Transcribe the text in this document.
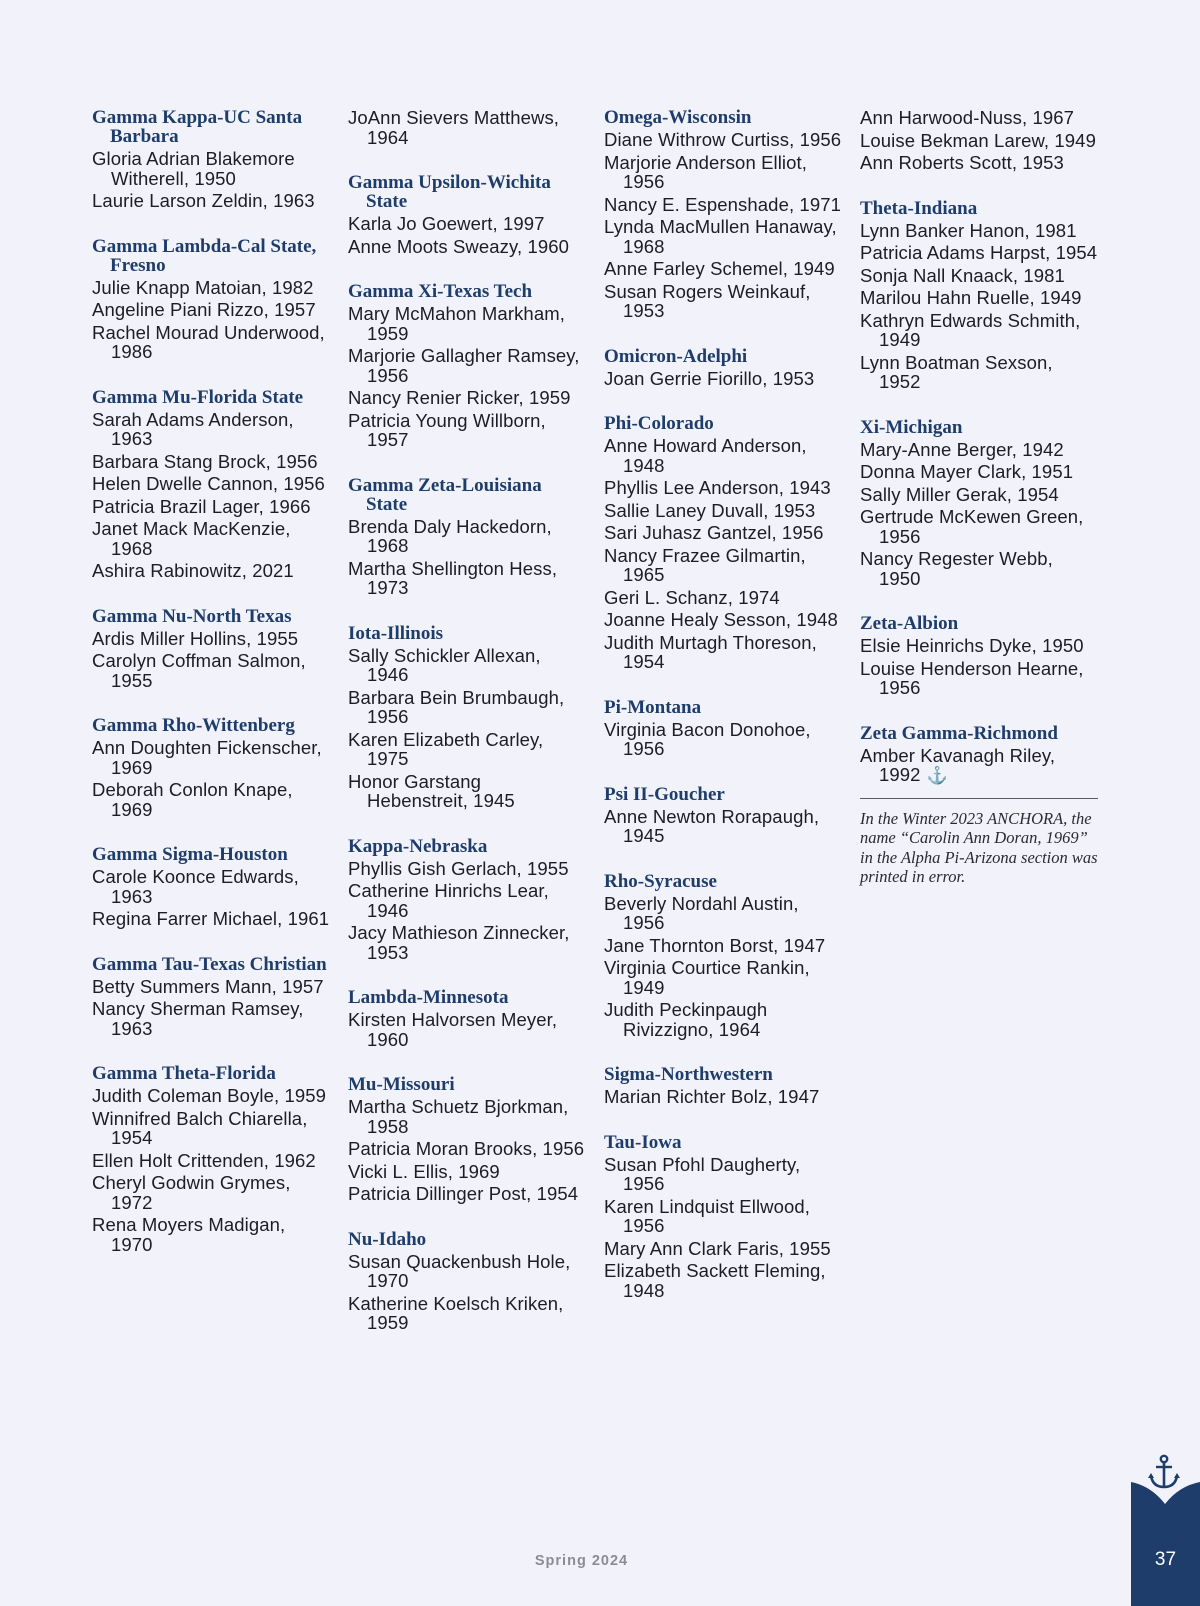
Gamma Kappa-UC Santa Barbara
Gloria Adrian Blakemore Witherell, 1950
Laurie Larson Zeldin, 1963
Gamma Lambda-Cal State, Fresno
Julie Knapp Matoian, 1982
Angeline Piani Rizzo, 1957
Rachel Mourad Underwood, 1986
Gamma Mu-Florida State
Sarah Adams Anderson, 1963
Barbara Stang Brock, 1956
Helen Dwelle Cannon, 1956
Patricia Brazil Lager, 1966
Janet Mack MacKenzie, 1968
Ashira Rabinowitz, 2021
Gamma Nu-North Texas
Ardis Miller Hollins, 1955
Carolyn Coffman Salmon, 1955
Gamma Rho-Wittenberg
Ann Doughten Fickenscher, 1969
Deborah Conlon Knape, 1969
Gamma Sigma-Houston
Carole Koonce Edwards, 1963
Regina Farrer Michael, 1961
Gamma Tau-Texas Christian
Betty Summers Mann, 1957
Nancy Sherman Ramsey, 1963
Gamma Theta-Florida
Judith Coleman Boyle, 1959
Winnifred Balch Chiarella, 1954
Ellen Holt Crittenden, 1962
Cheryl Godwin Grymes, 1972
Rena Moyers Madigan, 1970
JoAnn Sievers Matthews, 1964
Gamma Upsilon-Wichita State
Karla Jo Goewert, 1997
Anne Moots Sweazy, 1960
Gamma Xi-Texas Tech
Mary McMahon Markham, 1959
Marjorie Gallagher Ramsey, 1956
Nancy Renier Ricker, 1959
Patricia Young Willborn, 1957
Gamma Zeta-Louisiana State
Brenda Daly Hackedorn, 1968
Martha Shellington Hess, 1973
Iota-Illinois
Sally Schickler Allexan, 1946
Barbara Bein Brumbaugh, 1956
Karen Elizabeth Carley, 1975
Honor Garstang Hebenstreit, 1945
Kappa-Nebraska
Phyllis Gish Gerlach, 1955
Catherine Hinrichs Lear, 1946
Jacy Mathieson Zinnecker, 1953
Lambda-Minnesota
Kirsten Halvorsen Meyer, 1960
Mu-Missouri
Martha Schuetz Bjorkman, 1958
Patricia Moran Brooks, 1956
Vicki L. Ellis, 1969
Patricia Dillinger Post, 1954
Nu-Idaho
Susan Quackenbush Hole, 1970
Katherine Koelsch Kriken, 1959
Omega-Wisconsin
Diane Withrow Curtiss, 1956
Marjorie Anderson Elliot, 1956
Nancy E. Espenshade, 1971
Lynda MacMullen Hanaway, 1968
Anne Farley Schemel, 1949
Susan Rogers Weinkauf, 1953
Omicron-Adelphi
Joan Gerrie Fiorillo, 1953
Phi-Colorado
Anne Howard Anderson, 1948
Phyllis Lee Anderson, 1943
Sallie Laney Duvall, 1953
Sari Juhasz Gantzel, 1956
Nancy Frazee Gilmartin, 1965
Geri L. Schanz, 1974
Joanne Healy Sesson, 1948
Judith Murtagh Thoreson, 1954
Pi-Montana
Virginia Bacon Donohoe, 1956
Psi II-Goucher
Anne Newton Rorapaugh, 1945
Rho-Syracuse
Beverly Nordahl Austin, 1956
Jane Thornton Borst, 1947
Virginia Courtice Rankin, 1949
Judith Peckinpaugh Rivizzigno, 1964
Sigma-Northwestern
Marian Richter Bolz, 1947
Tau-Iowa
Susan Pfohl Daugherty, 1956
Karen Lindquist Ellwood, 1956
Mary Ann Clark Faris, 1955
Elizabeth Sackett Fleming, 1948
Ann Harwood-Nuss, 1967
Louise Bekman Larew, 1949
Ann Roberts Scott, 1953
Theta-Indiana
Lynn Banker Hanon, 1981
Patricia Adams Harpst, 1954
Sonja Nall Knaack, 1981
Marilou Hahn Ruelle, 1949
Kathryn Edwards Schmith, 1949
Lynn Boatman Sexson, 1952
Xi-Michigan
Mary-Anne Berger, 1942
Donna Mayer Clark, 1951
Sally Miller Gerak, 1954
Gertrude McKewen Green, 1956
Nancy Regester Webb, 1950
Zeta-Albion
Elsie Heinrichs Dyke, 1950
Louise Henderson Hearne, 1956
Zeta Gamma-Richmond
Amber Kavanagh Riley, 1992 ⚓
In the Winter 2023 ANCHORA, the name “Carolin Ann Doran, 1969” in the Alpha Pi-Arizona section was printed in error.
Spring 2024	37
